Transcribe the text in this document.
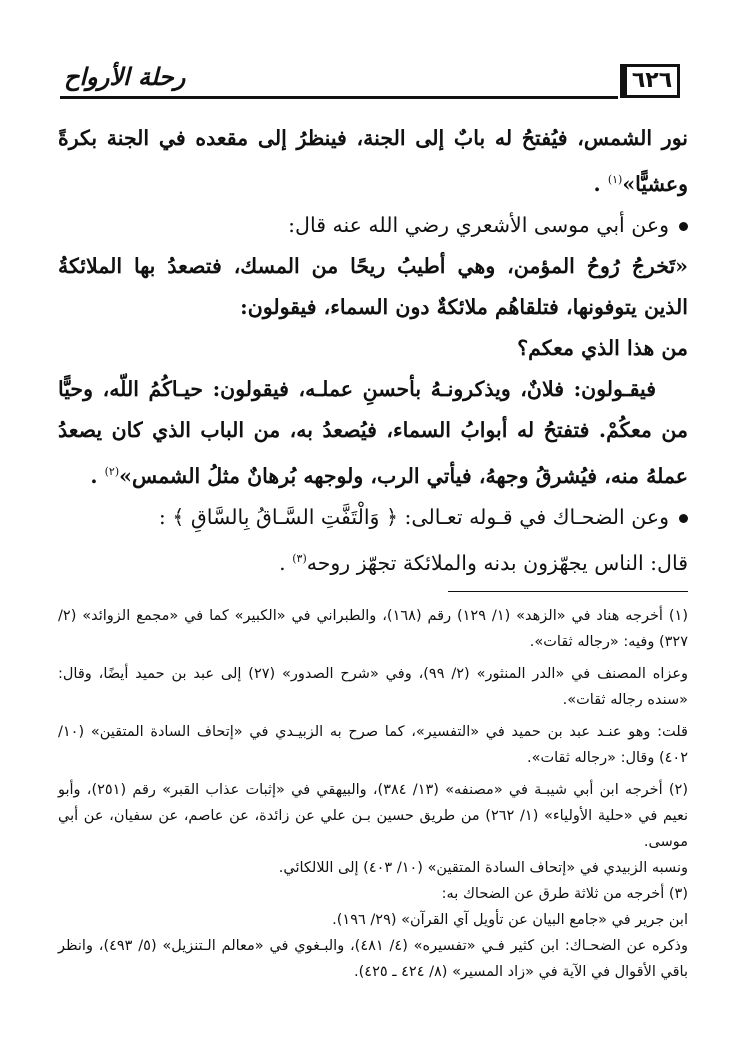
رحلة الأرواح	٦٢٦

نور الشمس، فيُفتحُ له بابٌ إلى الجنة، فينظرُ إلى مقعده في الجنة بكرةً وعشيًّا»$^{(١)}$ .

وعن أبي موسى الأشعري رضي الله عنه قال:

«تَخرجُ رُوحُ المؤمن، وهي أطيبُ ريحًا من المسك، فتصعدُ بها الملائكةُ الذين يتوفونها، فتلقاهُم ملائكةٌ دون السماء، فيقولون:

من هذا الذي معكم؟

فيقـولون: فلانٌ، ويذكرونـهُ بأحسنِ عملـه، فيقولون: حيـاكُمُ اللّه، وحيًّا من معكُمْ. فتفتحُ له أبوابُ السماء، فيُصعدُ به، من الباب الذي كان يصعدُ عملهُ منه، فيُشرقُ وجههُ، فيأتي الرب، ولوجهه بُرهانٌ مثلُ الشمس»$^{(٢)}$ .

وعن الضحـاك في قـوله تعـالى: ﴿ وَالْتَفَّتِ السَّـاقُ بِالسَّاقِ ﴾ :

قال: الناس يجهّزون بدنه والملائكة تجهّز روحه$^{(٣)}$ .

(١) أخرجه هناد في «الزهد» (١/ ١٢٩) رقم (١٦٨)، والطبراني في «الكبير» كما في «مجمع الزوائد» (٢/ ٣٢٧) وفيه: «رجاله ثقات».

وعزاه المصنف في «الدر المنثور» (٢/ ٩٩)، وفي «شرح الصدور» (٢٧) إلى عبد بن حميد أيضًا، وقال: «سنده رجاله ثقات».

قلت: وهو عنـد عبد بن حميد في «التفسير»، كما صرح به الزبيـدي في «إتحاف السادة المتقين» (١٠/ ٤٠٢) وقال: «رجاله ثقات».

(٢) أخرجه ابن أبي شيبـة في «مصنفه» (١٣/ ٣٨٤)، والبيهقي في «إثبات عذاب القبر» رقم (٢٥١)، وأبو نعيم في «حلية الأولياء» (١/ ٢٦٢) من طريق حسين بـن علي عن زائدة، عن عاصم، عن سفيان، عن أبي موسى.

ونسبه الزبيدي في «إتحاف السادة المتقين» (١٠/ ٤٠٣) إلى اللالكائي.

(٣) أخرجه من ثلاثة طرق عن الضحاك به:

ابن جرير في «جامع البيان عن تأويل آي القرآن» (٢٩/ ١٩٦).

وذكره عن الضحـاك: ابن كثير فـي «تفسيره» (٤/ ٤٨١)، والبـغوي في «معالم الـتنزيل» (٥/ ٤٩٣)، وانظر باقي الأقوال في الآية في «زاد المسير» (٨/ ٤٢٤ ـ ٤٢٥).
